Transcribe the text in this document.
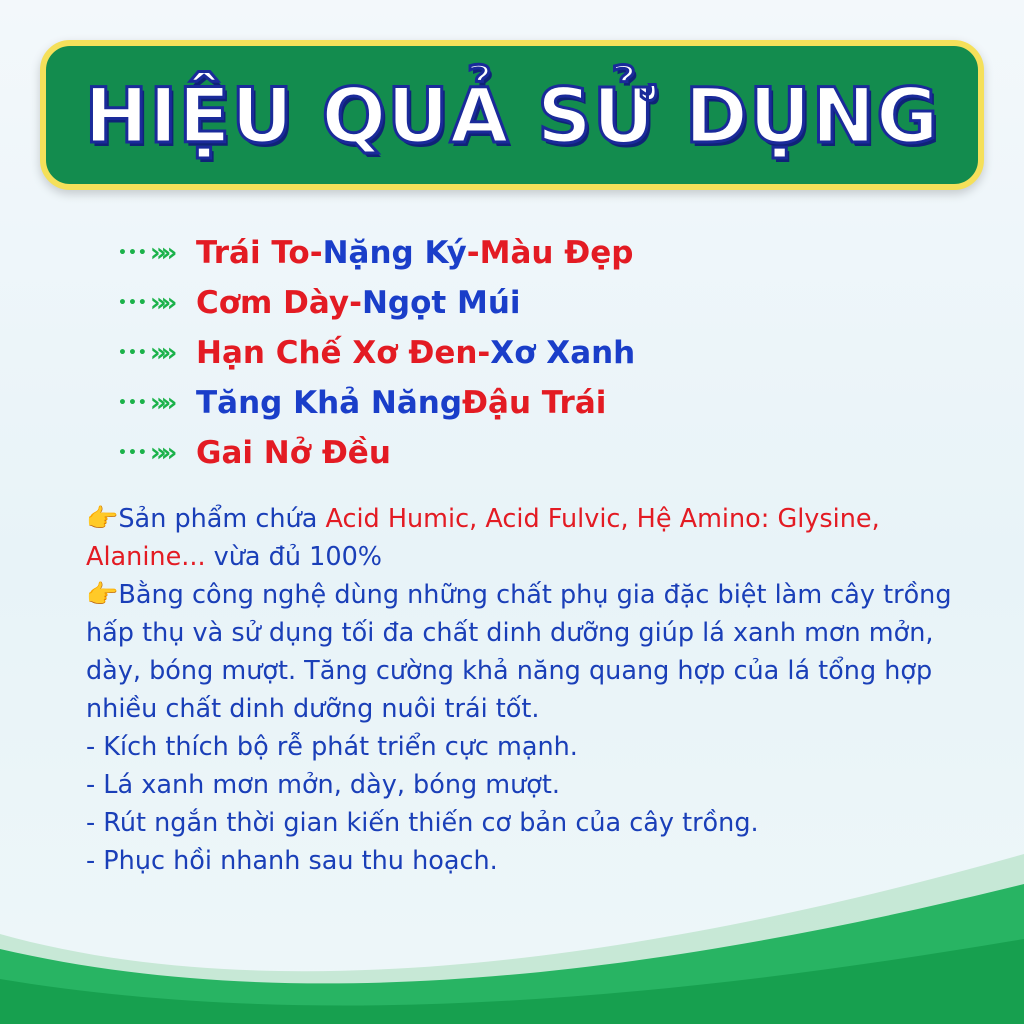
HIỆU QUẢ SỬ DỤNG
••• »» Trái To - Nặng Ký - Màu Đẹp
••• »» Cơm Dày - Ngọt Múi
••• »» Hạn Chế Xơ Đen - Xơ Xanh
••• »» Tăng Khả Năng Đậu Trái
••• »» Gai Nở Đều

👉Sản phẩm chứa Acid Humic, Acid Fulvic, Hệ Amino: Glysine, Alanine... vừa đủ 100%

👉Bằng công nghệ dùng những chất phụ gia đặc biệt làm cây trồng hấp thụ và sử dụng tối đa chất dinh dưỡng giúp lá xanh mơn mởn, dày, bóng mượt. Tăng cường khả năng quang hợp của lá tổng hợp nhiều chất dinh dưỡng nuôi trái tốt.

- Kích thích bộ rễ phát triển cực mạnh.

- Lá xanh mơn mởn, dày, bóng mượt.

- Rút ngắn thời gian kiến thiến cơ bản của cây trồng.

- Phục hồi nhanh sau thu hoạch.
